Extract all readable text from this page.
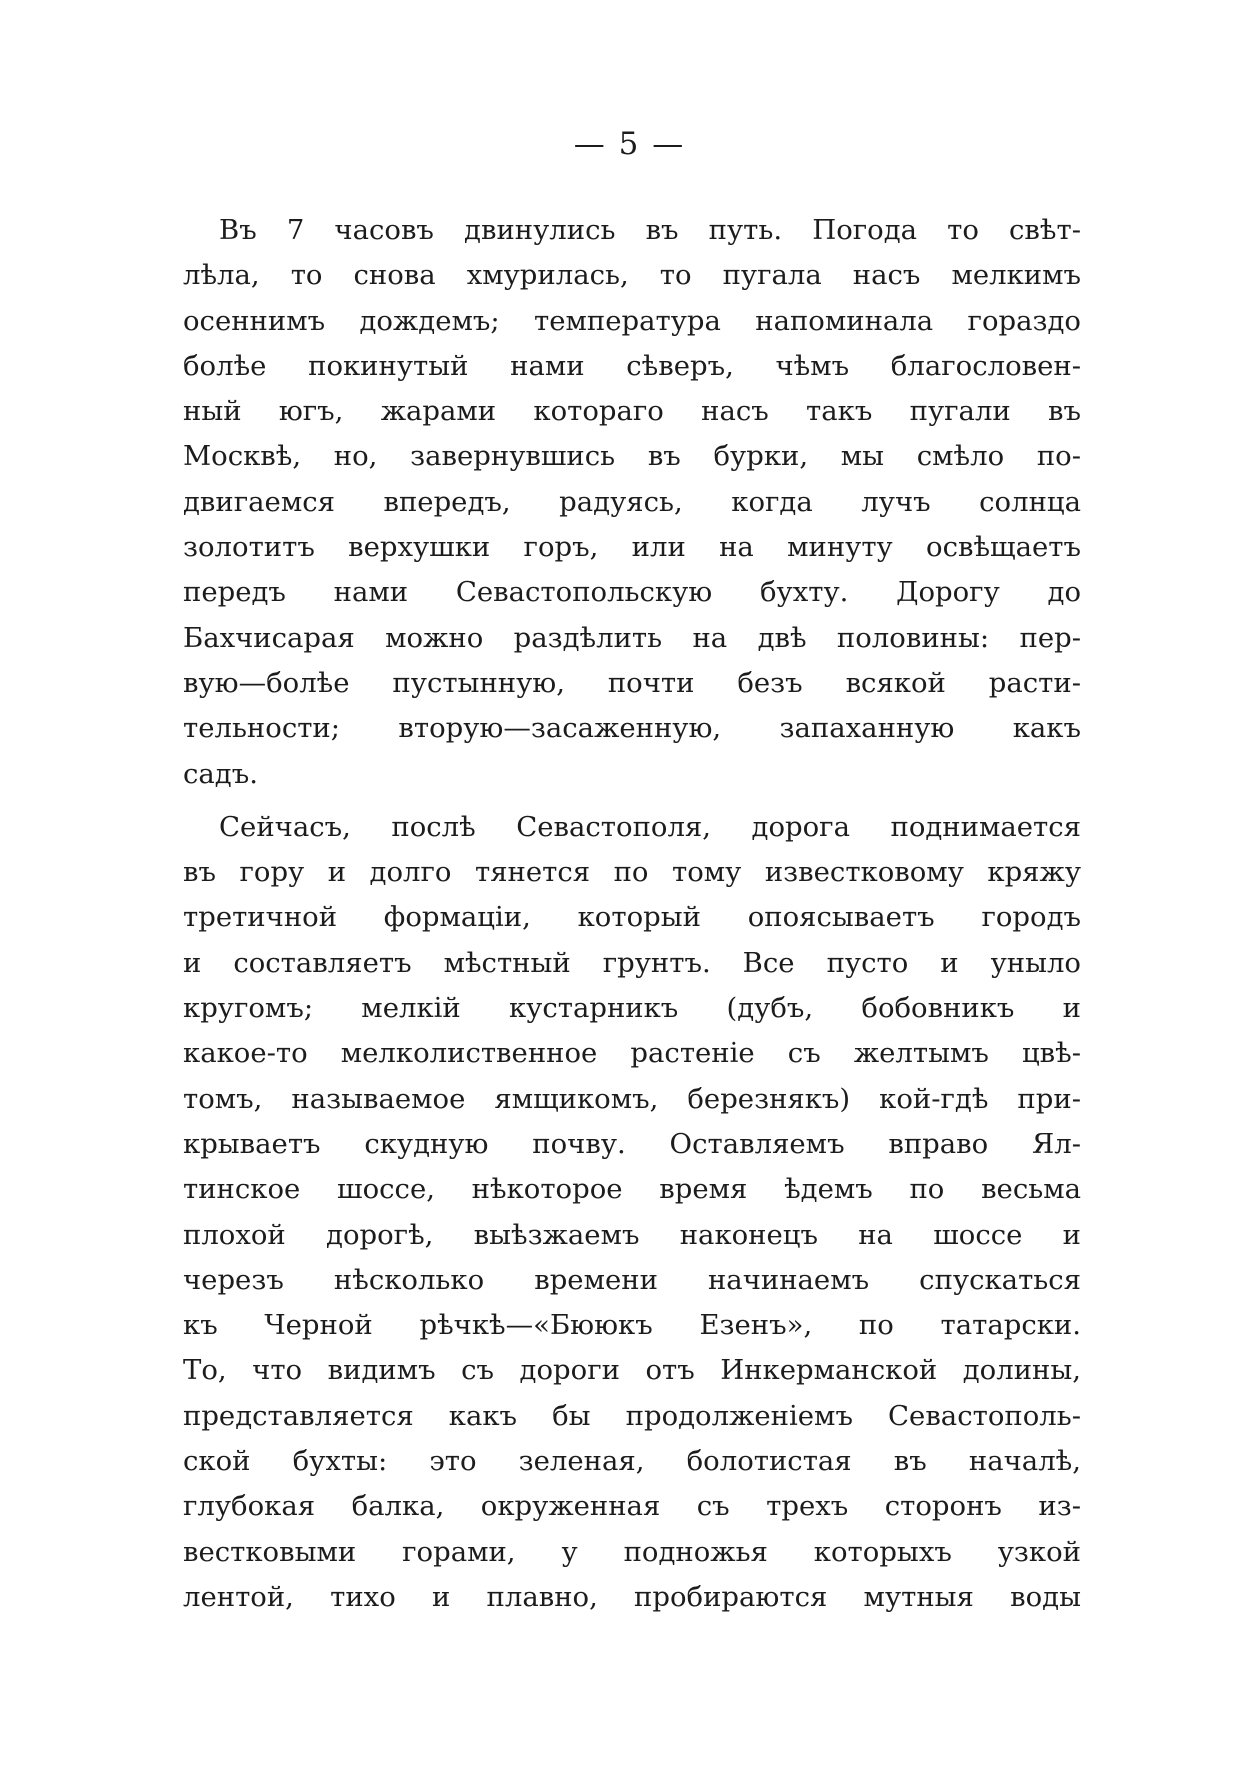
— 5 —
Въ 7 часовъ двинулись въ путь. Погода то свѣт-
лѣла, то снова хмурилась, то пугала насъ мелкимъ
осеннимъ дождемъ; температура напоминала гораздо
болѣе покинутый нами сѣверъ, чѣмъ благословен-
ный югъ, жарами котораго насъ такъ пугали въ
Москвѣ, но, завернувшись въ бурки, мы смѣло по-
двигаемся впередъ, радуясь, когда лучъ солнца
золотитъ верхушки горъ, или на минуту освѣщаетъ
передъ нами Севастопольскую бухту. Дорогу до
Бахчисарая можно раздѣлить на двѣ половины: пер-
вую—болѣе пустынную, почти безъ всякой расти-
тельности; вторую—засаженную, запаханную какъ
садъ.
Сейчасъ, послѣ Севастополя, дорога поднимается
въ гору и долго тянется по тому известковому кряжу
третичной формаціи, который опоясываетъ городъ
и составляетъ мѣстный грунтъ. Все пусто и уныло
кругомъ; мелкій кустарникъ (дубъ, бобовникъ и
какое-то мелколиственное растеніе съ желтымъ цвѣ-
томъ, называемое ямщикомъ, березнякъ) кой-гдѣ при-
крываетъ скудную почву. Оставляемъ вправо Ял-
тинское шоссе, нѣкоторое время ѣдемъ по весьма
плохой дорогѣ, выѣзжаемъ наконецъ на шоссе и
черезъ нѣсколько времени начинаемъ спускаться
къ Черной рѣчкѣ—«Бююкъ Езенъ», по татарски.
То, что видимъ съ дороги отъ Инкерманской долины,
представляется какъ бы продолженіемъ Севастополь-
ской бухты: это зеленая, болотистая въ началѣ,
глубокая балка, окруженная съ трехъ сторонъ из-
вестковыми горами, у подножья которыхъ узкой
лентой, тихо и плавно, пробираются мутныя воды
